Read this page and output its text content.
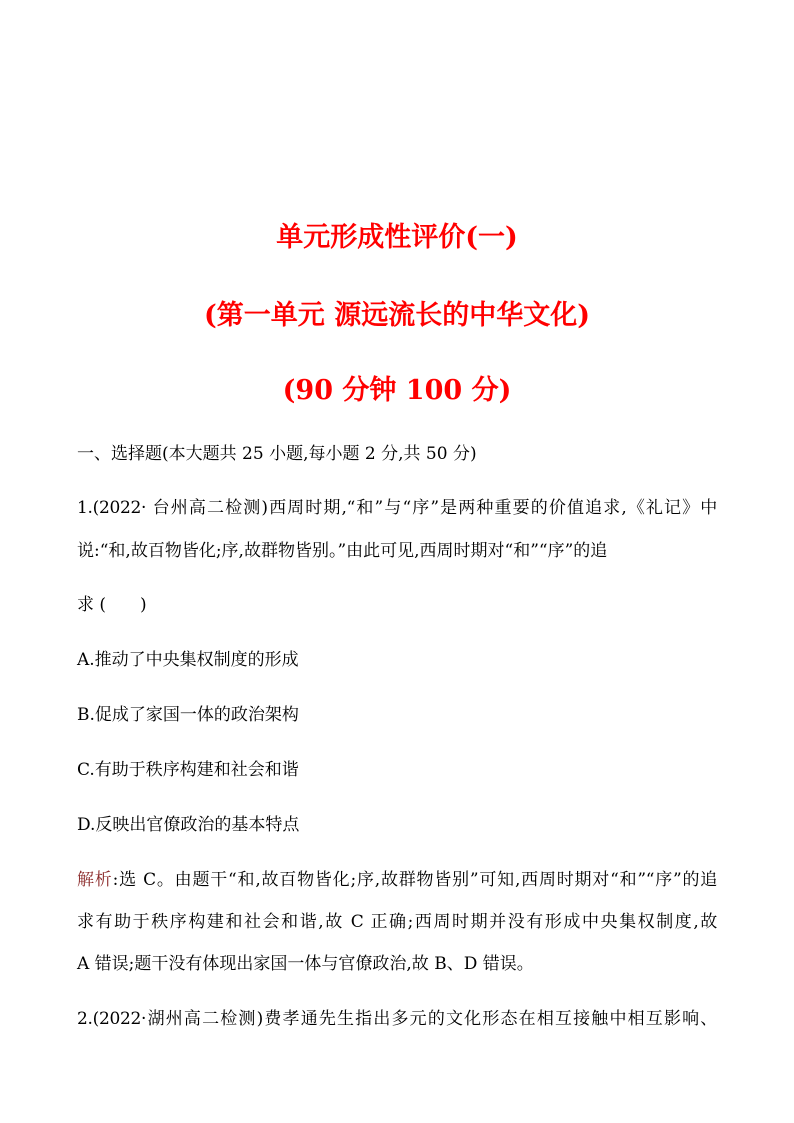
单元形成性评价(一)
(第一单元 源远流长的中华文化)
(90 分钟 100 分)
一、选择题(本大题共 25 小题,每小题 2 分,共 50 分)
1.(2022· 台州高二检测)西周时期,“和”与“序”是两种重要的价值追求,《礼记》中
说:“和,故百物皆化;序,故群物皆别。”由此可见,西周时期对“和”“序”的追
求 (　　)
A.推动了中央集权制度的形成
B.促成了家国一体的政治架构
C.有助于秩序构建和社会和谐
D.反映出官僚政治的基本特点
解析:选 C。由题干“和,故百物皆化;序,故群物皆别”可知,西周时期对“和”“序”的追
求有助于秩序构建和社会和谐,故 C 正确;西周时期并没有形成中央集权制度,故
A 错误;题干没有体现出家国一体与官僚政治,故 B、D 错误。
2.(2022·湖州高二检测)费孝通先生指出多元的文化形态在相互接触中相互影响、
